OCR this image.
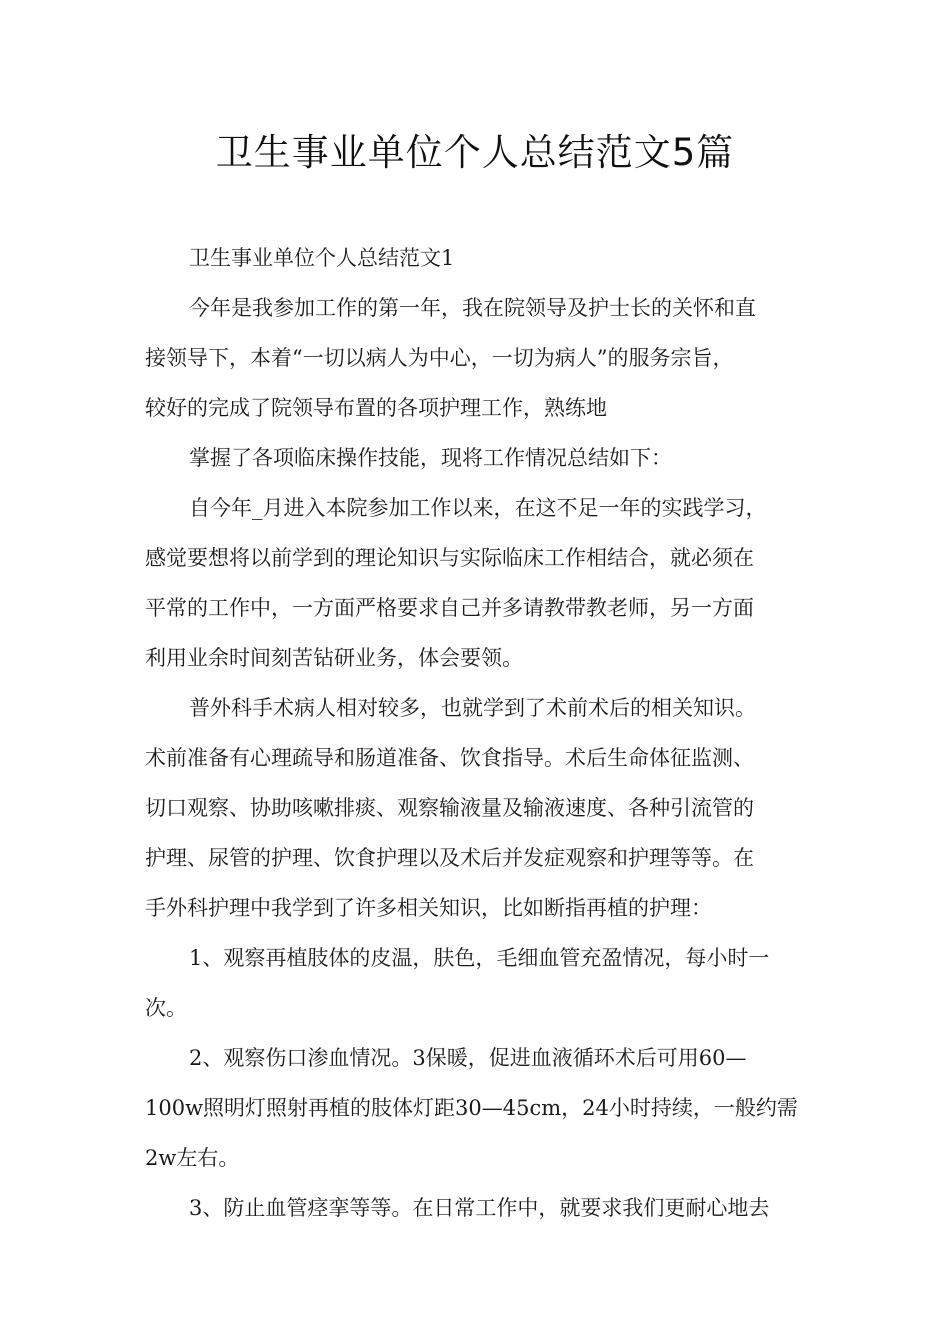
卫生事业单位个人总结范文5篇

卫生事业单位个人总结范文1

今年是我参加工作的第一年，我在院领导及护士长的关怀和直
接领导下，本着“一切以病人为中心，一切为病人”的服务宗旨，
较好的完成了院领导布置的各项护理工作，熟练地

掌握了各项临床操作技能，现将工作情况总结如下：

自今年_月进入本院参加工作以来，在这不足一年的实践学习，
感觉要想将以前学到的理论知识与实际临床工作相结合，就必须在
平常的工作中，一方面严格要求自己并多请教带教老师，另一方面
利用业余时间刻苦钻研业务，体会要领。

普外科手术病人相对较多，也就学到了术前术后的相关知识。
术前准备有心理疏导和肠道准备、饮食指导。术后生命体征监测、
切口观察、协助咳嗽排痰、观察输液量及输液速度、各种引流管的
护理、尿管的护理、饮食护理以及术后并发症观察和护理等等。在
手外科护理中我学到了许多相关知识，比如断指再植的护理：

1、观察再植肢体的皮温，肤色，毛细血管充盈情况，每小时一
次。

2、观察伤口渗血情况。3保暖，促进血液循环术后可用60—
100w照明灯照射再植的肢体灯距30—45cm，24小时持续，一般约需
2w左右。

3、防止血管痉挛等等。在日常工作中，就要求我们更耐心地去
